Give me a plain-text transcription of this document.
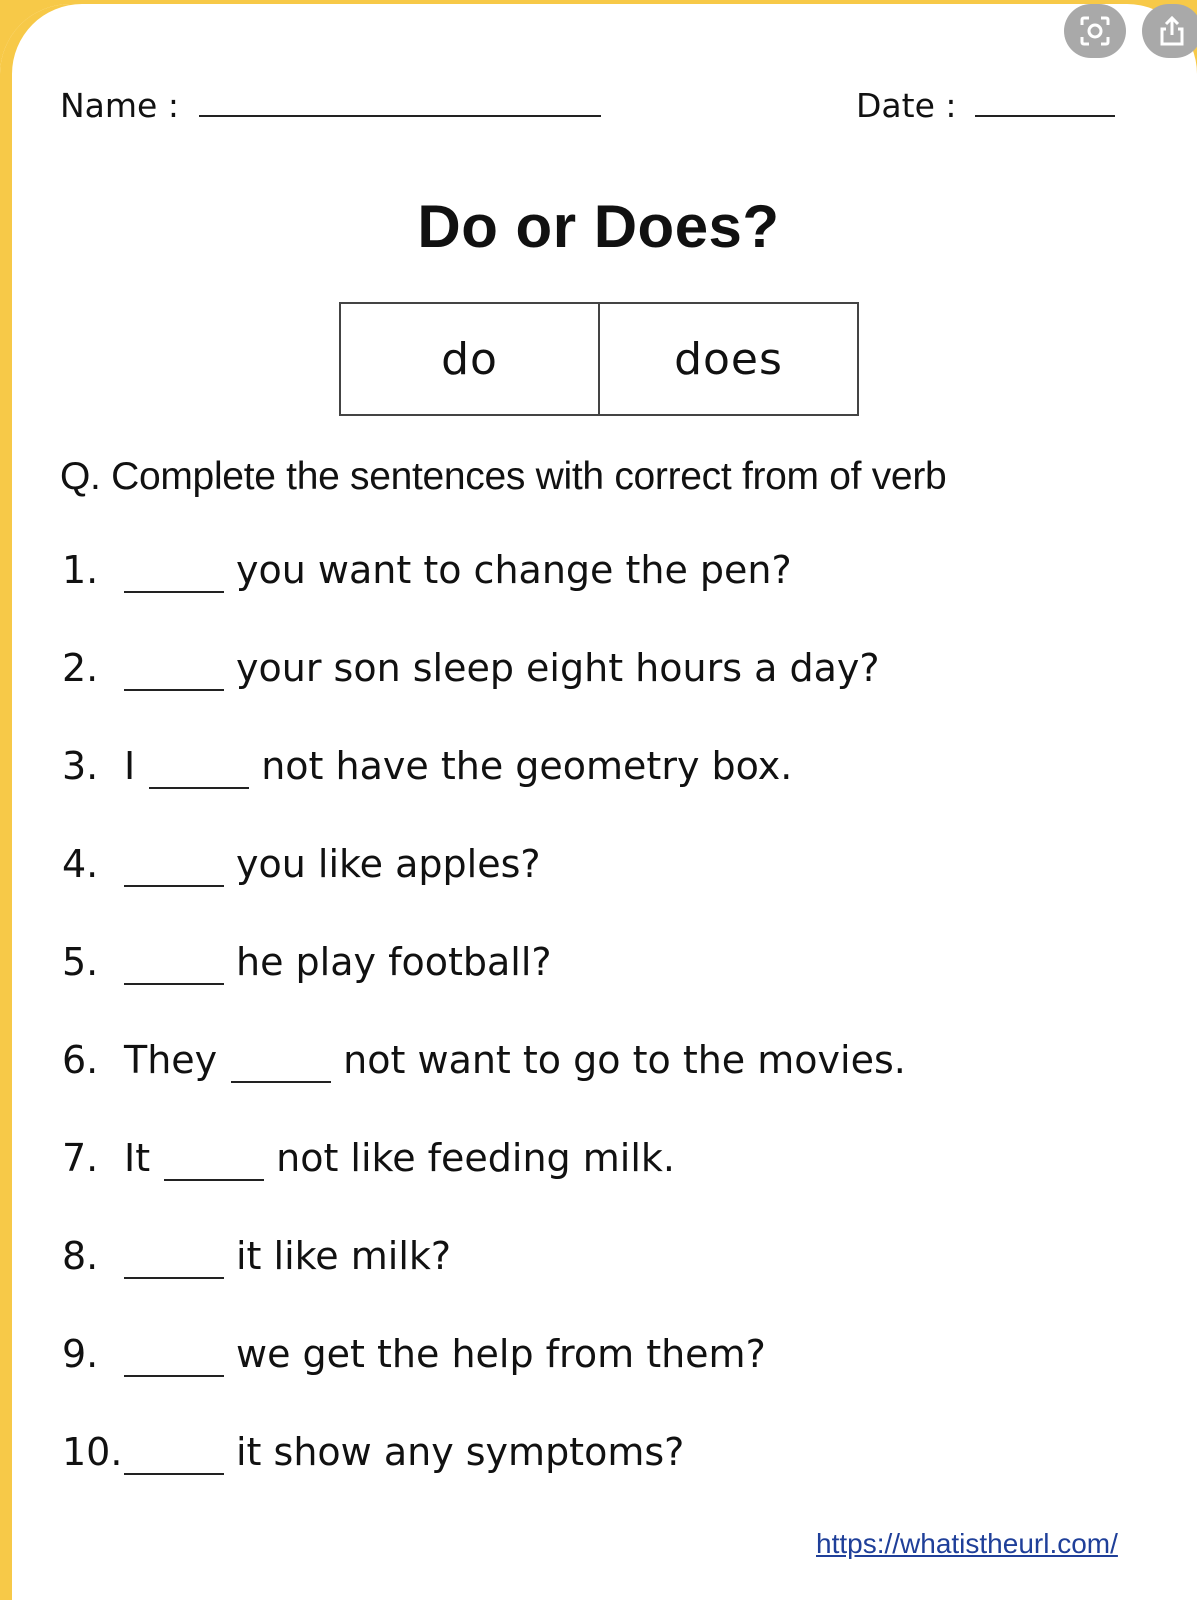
Name :	Date :
Do or Does?
do	does
Q. Complete the sentences with correct from of verb
1.	you want to change the pen?
2.	your son sleep eight hours a day?
3. I	not have the geometry box.
4.	you like apples?
5.	he play football?
6. They	not want to go to the movies.
7. It	not like feeding milk.
8.	it like milk?
9.	we get the help from them?
10.	it show any symptoms?
https://whatistheurl.com/
